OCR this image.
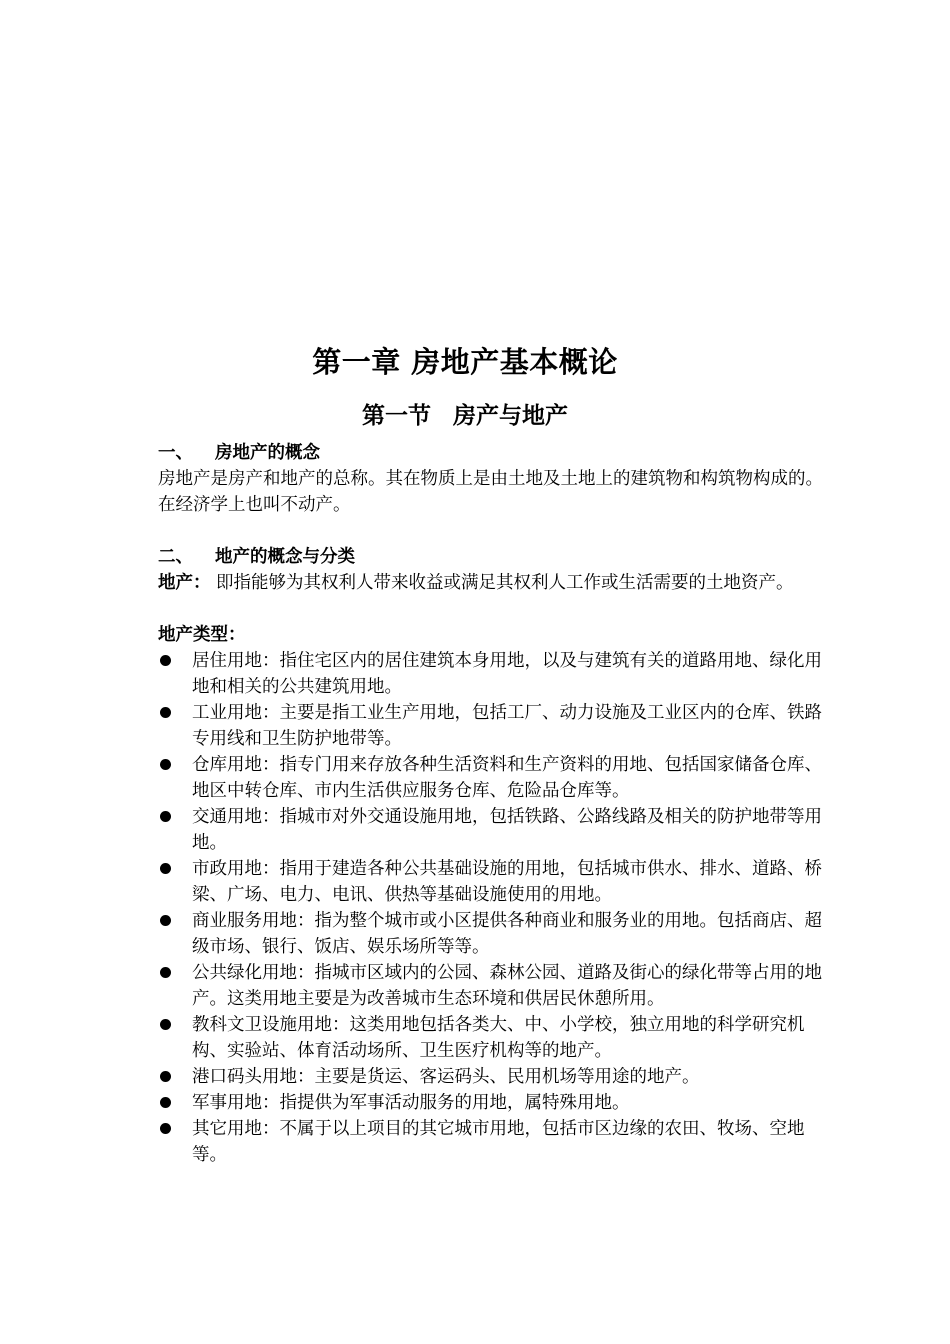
第一章 房地产基本概论
第一节 房产与地产
一、	房地产的概念

房地产是房产和地产的总称。其在物质上是由土地及土地上的建筑物和构筑物构成的。在经济学上也叫不动产。

二、	地产的概念与分类
地产： 即指能够为其权利人带来收益或满足其权利人工作或生活需要的土地资产。
地产类型：
居住用地：指住宅区内的居住建筑本身用地，以及与建筑有关的道路用地、绿化用地和相关的公共建筑用地。
工业用地：主要是指工业生产用地，包括工厂、动力设施及工业区内的仓库、铁路专用线和卫生防护地带等。
仓库用地：指专门用来存放各种生活资料和生产资料的用地、包括国家储备仓库、地区中转仓库、市内生活供应服务仓库、危险品仓库等。
交通用地：指城市对外交通设施用地，包括铁路、公路线路及相关的防护地带等用地。
市政用地：指用于建造各种公共基础设施的用地，包括城市供水、排水、道路、桥梁、广场、电力、电讯、供热等基础设施使用的用地。
商业服务用地：指为整个城市或小区提供各种商业和服务业的用地。包括商店、超级市场、银行、饭店、娱乐场所等等。
公共绿化用地：指城市区域内的公园、森林公园、道路及街心的绿化带等占用的地产。这类用地主要是为改善城市生态环境和供居民休憩所用。
教科文卫设施用地：这类用地包括各类大、中、小学校，独立用地的科学研究机构、实验站、体育活动场所、卫生医疗机构等的地产。
港口码头用地：主要是货运、客运码头、民用机场等用途的地产。
军事用地：指提供为军事活动服务的用地，属特殊用地。
其它用地：不属于以上项目的其它城市用地，包括市区边缘的农田、牧场、空地等。
